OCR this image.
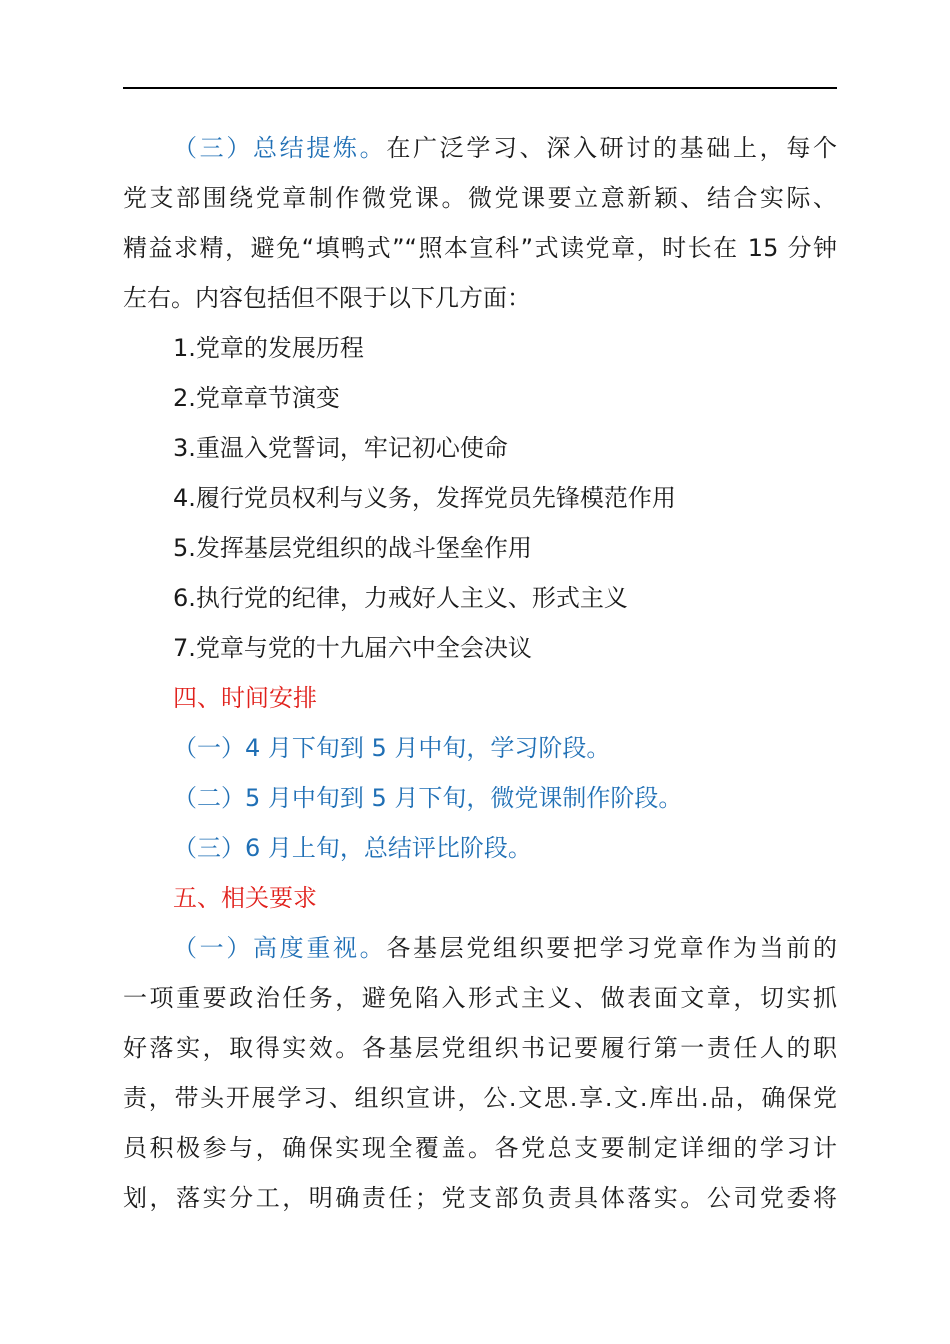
（三）总结提炼。在广泛学习、深入研讨的基础上，每个
党支部围绕党章制作微党课。微党课要立意新颖、结合实际、
精益求精，避免“填鸭式”“照本宣科”式读党章，时长在 15 分钟
左右。内容包括但不限于以下几方面：
1.党章的发展历程
2.党章章节演变
3.重温入党誓词，牢记初心使命
4.履行党员权利与义务，发挥党员先锋模范作用
5.发挥基层党组织的战斗堡垒作用
6.执行党的纪律，力戒好人主义、形式主义
7.党章与党的十九届六中全会决议
四、时间安排
（一）4 月下旬到 5 月中旬，学习阶段。
（二）5 月中旬到 5 月下旬，微党课制作阶段。
（三）6 月上旬，总结评比阶段。
五、相关要求
（一）高度重视。各基层党组织要把学习党章作为当前的
一项重要政治任务，避免陷入形式主义、做表面文章，切实抓
好落实，取得实效。各基层党组织书记要履行第一责任人的职
责，带头开展学习、组织宣讲，公.文思.享.文.库出.品，确保党
员积极参与，确保实现全覆盖。各党总支要制定详细的学习计
划，落实分工，明确责任；党支部负责具体落实。公司党委将
